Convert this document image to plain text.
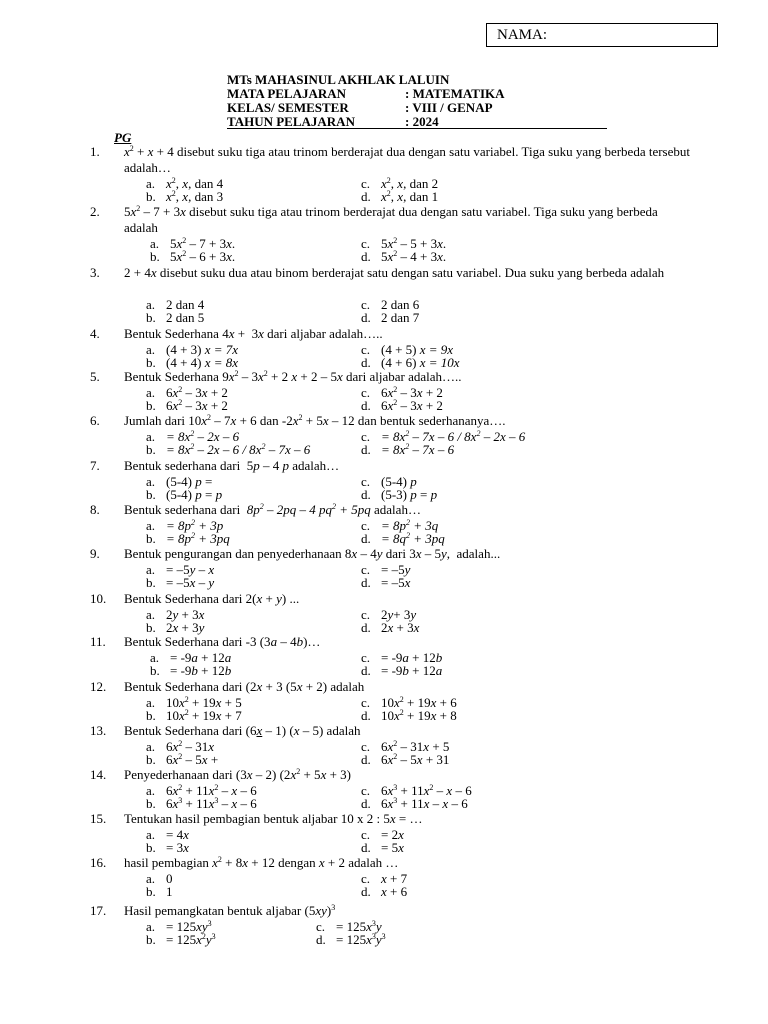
NAMA:
MTs MAHASINUL AKHLAK LALUIN
MATA PELAJARAN	: MATEMATIKA
KELAS/ SEMESTER	: VIII / GENAP
TAHUN PELAJARAN	: 2024
PG
1. $x^2 + x + 4$ disebut suku tiga atau trinom berderajat dua dengan satu variabel. Tiga suku yang berbeda tersebut adalah…
a. $x^2$, x, dan 4
b. $x^2$, x, dan 3
c. $x^2$, x, dan 2
d. $x^2$, x, dan 1
2. $5x^2 - 7 + 3x$ disebut suku tiga atau trinom berderajat dua dengan satu variabel. Tiga suku yang berbeda adalah
a. $5x^2 - 7 + 3x$.
b. $5x^2 - 6 + 3x$.
c. $5x^2 - 5 + 3x$.
d. $5x^2 - 4 + 3x$.
3. 2 + 4x disebut suku dua atau binom berderajat satu dengan satu variabel. Dua suku yang berbeda adalah
a. 2 dan 4
b. 2 dan 5
c. 2 dan 6
d. 2 dan 7
4. Bentuk Sederhana 4x +  3x dari aljabar adalah…..
a. (4 + 3) x = 7x
b. (4 + 4) x = 8x
c. (4 + 5) x = 9x
d. (4 + 6) x = 10x
5. Bentuk Sederhana $9x^2 - 3x^2 + 2$ x + 2 – 5x dari aljabar adalah…..
a. $6x^2 - 3x + 2$
b. $6x^2 - 3x + 2$
c. $6x^2 - 3x + 2$
d. $6x^2 - 3x + 2$
6. Jumlah dari $10x^2 - 7x + 6$ dan $-2x^2 + 5x - 12$ dan bentuk sederhananya….
a. = $8x^2 - 2x - 6$
b. = $8x^2 - 2x - 6 / 8x^2 - 7x - 6$
c. = $8x^2 - 7x - 6 / 8x^2 - 2x - 6$
d. = $8x^2 - 7x - 6$
7. Bentuk sederhana dari  5p – 4 p adalah…
a. (5-4) p =
b. (5-4) p = p
c. (5-4) p
d. (5-3) p = p
8. Bentuk sederhana dari  $8p^2 - 2pq - 4$ $pq^2 + 5pq$ adalah…
a. = $8p^2 + 3p$
b. = $8p^2 + 3pq$
c. = $8p^2 + 3q$
d. = $8q^2 + 3pq$
9. Bentuk pengurangan dan penyederhanaan 8x – 4y dari 3x – 5y,  adalah...
a. = –5y – x
b. = –5x – y
c. = –5y
d. = –5x
10. Bentuk Sederhana dari 2(x + y) ...
a. 2y + 3x
b. 2x + 3y
c. 2y+ 3y
d. 2x + 3x
11. Bentuk Sederhana dari -3 (3a – 4b)…
a. = -9a + 12a
b. = -9b + 12b
c. = -9a + 12b
d. = -9b + 12a
12. Bentuk Sederhana dari (2x + 3 (5x + 2) adalah
a. $10x^2 + 19x + 5$
b. $10x^2 + 19x + 7$
c. $10x^2 + 19x + 6$
d. $10x^2 + 19x + 8$
13. Bentuk Sederhana dari (6x – 1) (x – 5) adalah
a. $6x^2 - 31x$
b. $6x^2 - 5x$ +
c. $6x^2 - 31x + 5$
d. $6x^2 - 5x + 31$
14. Penyederhanaan dari (3x – 2) $(2x^2 + 5x + 3)$
a. $6x^2 + 11x^2 - x - 6$
b. $6x^3 + 11x^3 - x - 6$
c. $6x^3 + 11x^2 - x - 6$
d. $6x^3 + 11x - x - 6$
15. Tentukan hasil pembagian bentuk aljabar 10 x 2 : 5x = …
a. = 4x
b. = 3x
c. = 2x
d. = 5x
16. hasil pembagian $x^2 + 8x + 12$ dengan x + 2 adalah …
a. 0
b. 1
c. x + 7
d. x + 6
17. Hasil pemangkatan bentuk aljabar $(5xy)^3$
a. = $125xy^3$
b. = $125x^2y^3$
c. = $125x^3y$
d. = $125x^3y^3$
